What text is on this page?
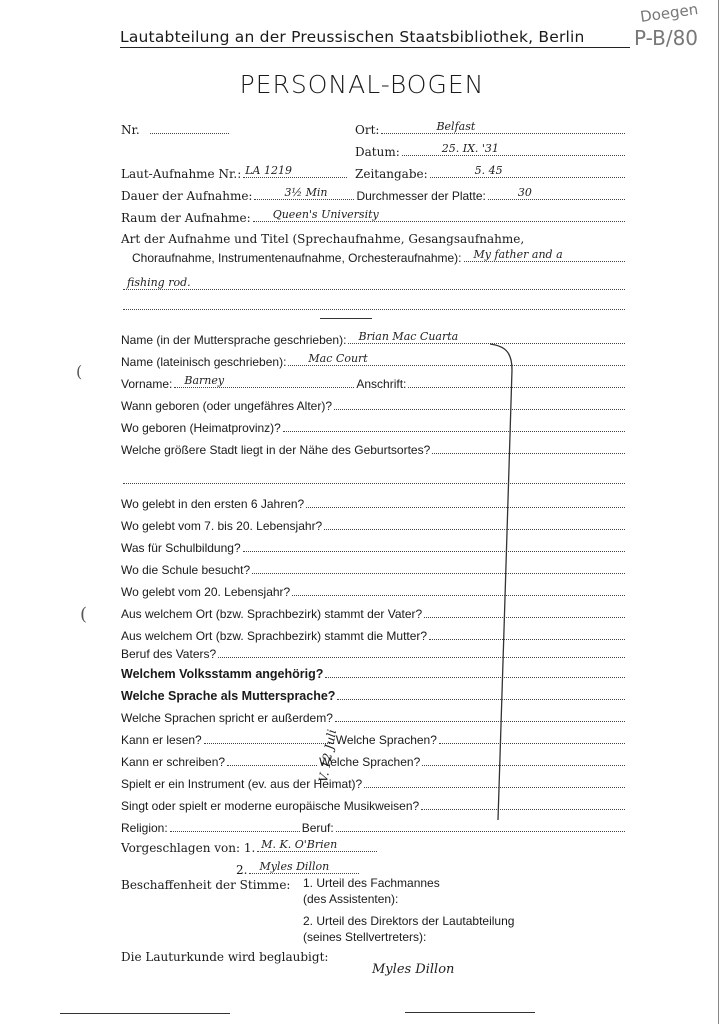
Lautabteilung an der Preussischen Staatsbibliothek, Berlin
Doegen
P-B/80
PERSONAL-BOGEN
Nr.	Ort:	Belfast
Datum:	25. IX. '31
Laut-Aufnahme Nr.: LA 1219	Zeitangabe:	5. 45
Dauer der Aufnahme:	3½ Min Durchmesser der Platte:	30
Raum der Aufnahme: Queen's University
Art der Aufnahme und Titel (Sprechaufnahme, Gesangsaufnahme,
Choraufnahme, Instrumentenaufnahme, Orchesteraufnahme): My father and a
fishing rod.
Name (in der Muttersprache geschrieben): Brian Mac Cuarta
Name (lateinisch geschrieben): Mac Court
Vorname: Barney	Anschrift:
Wann geboren (oder ungefähres Alter)?
Wo geboren (Heimatprovinz)?
Welche größere Stadt liegt in der Nähe des Geburtsortes?
Wo gelebt in den ersten 6 Jahren?
Wo gelebt vom 7. bis 20. Lebensjahr?
Was für Schulbildung?
Wo die Schule besucht?
Wo gelebt vom 20. Lebensjahr?
Aus welchem Ort (bzw. Sprachbezirk) stammt der Vater?
Aus welchem Ort (bzw. Sprachbezirk) stammt die Mutter?
Beruf des Vaters?
Welchem Volksstamm angehörig?
Welche Sprache als Muttersprache?
Welche Sprachen spricht er außerdem?
Kann er lesen?	Welche Sprachen?
Kann er schreiben?	Welche Sprachen?
Spielt er ein Instrument (ev. aus der Heimat)?
Singt oder spielt er moderne europäische Musikweisen?
Religion:	Beruf:
V. 12 Juli
(
(
Vorgeschlagen von: 1. M. K. O'Brien
2. Myles Dillon
Beschaffenheit der Stimme: 1. Urteil des Fachmannes
(des Assistenten):
2. Urteil des Direktors der Lautabteilung
(seines Stellvertreters):
Die Lauturkunde wird beglaubigt:
Myles Dillon
